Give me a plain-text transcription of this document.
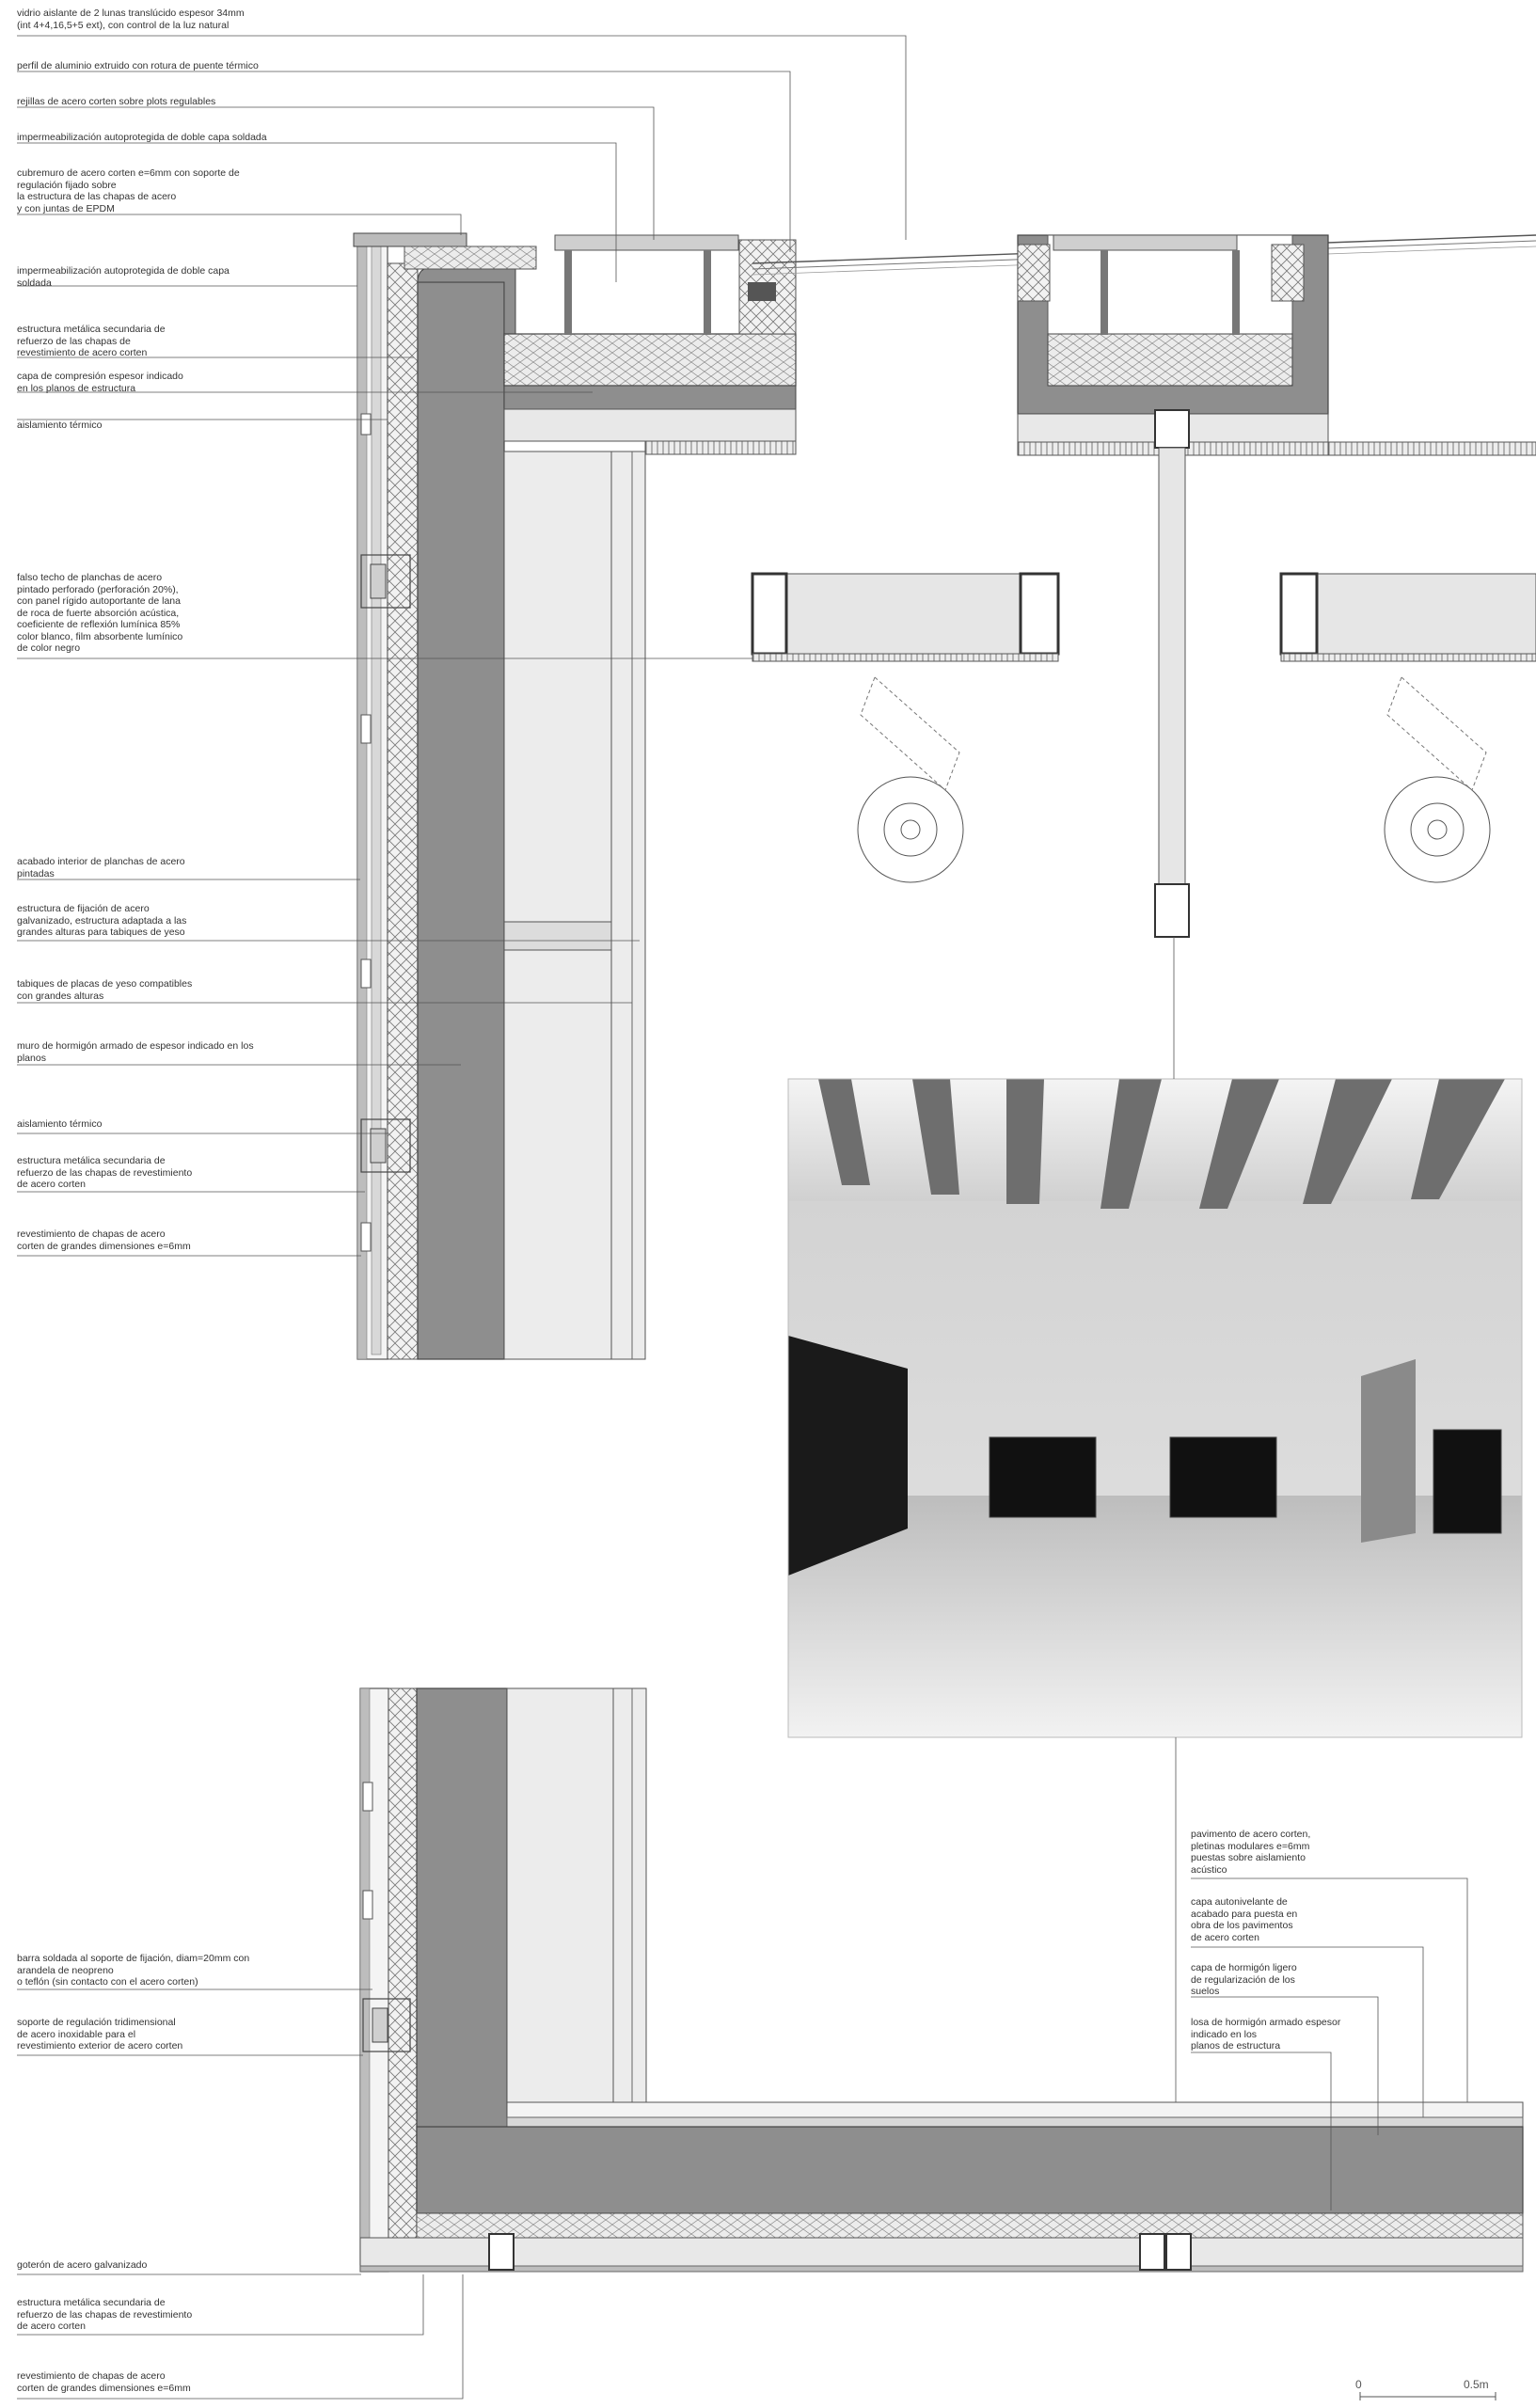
vidrio aislante de 2 lunas translúcido espesor 34mm
(int 4+4,16,5+5 ext), con control de la luz natural
perfil de aluminio extruido con rotura de puente térmico
rejillas de acero corten sobre plots regulables
impermeabilización autoprotegida de doble capa soldada
cubremuro de acero corten e=6mm con soporte de
regulación fijado sobre
la estructura de las chapas de acero
y con juntas de EPDM
impermeabilización autoprotegida de doble capa
soldada
estructura metálica secundaria de
refuerzo de las chapas de
revestimiento de acero corten
capa de compresión espesor indicado
en los planos de estructura
aislamiento térmico
falso techo de planchas de acero
pintado perforado (perforación 20%),
con panel rígido autoportante de lana
de roca de fuerte absorción acústica,
coeficiente de reflexión lumínica 85%
color blanco, film absorbente lumínico
de color negro
acabado interior de planchas de acero
pintadas
estructura de fijación de acero
galvanizado, estructura adaptada a las
grandes alturas para tabiques de yeso
tabiques de placas de yeso compatibles
con grandes alturas
muro de hormigón armado de espesor indicado en los
planos
aislamiento térmico
estructura metálica secundaria de
refuerzo de las chapas de revestimiento
de acero corten
revestimiento de chapas de acero
corten de grandes dimensiones e=6mm
barra soldada al soporte de fijación, diam=20mm con
arandela de neopreno
o teflón (sin contacto con el acero corten)
soporte de regulación tridimensional
de acero inoxidable para el
revestimiento exterior de acero corten
goterón de acero galvanizado
estructura metálica secundaria de
refuerzo de las chapas de revestimiento
de acero corten
revestimiento de chapas de acero
corten de grandes dimensiones e=6mm
pavimento de acero corten,
pletinas modulares e=6mm
puestas sobre aislamiento
acústico
capa autonivelante de
acabado para puesta en
obra de los pavimentos
de acero corten
capa de hormigón ligero
de regularización de los
suelos
losa de hormigón armado espesor
indicado en los
planos de estructura
0	0.5m
